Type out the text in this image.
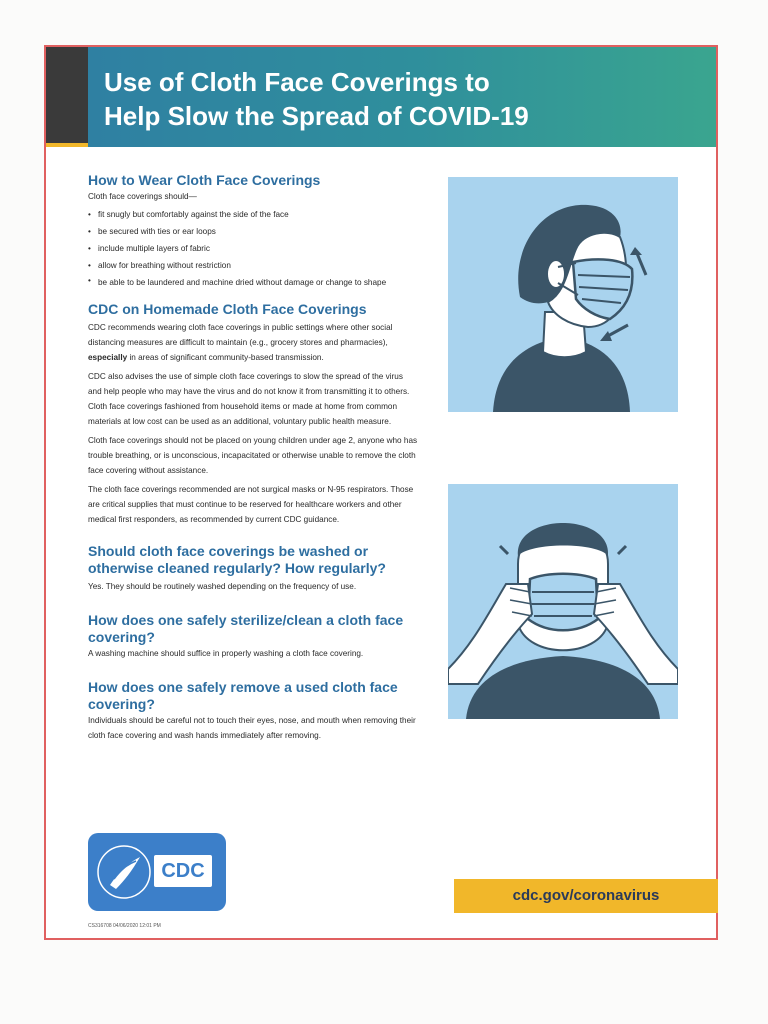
Use of Cloth Face Coverings to
Help Slow the Spread of COVID-19
How to Wear Cloth Face Coverings

Cloth face coverings should—

• fit snugly but comfortably against the side of the face
• be secured with ties or ear loops
• include multiple layers of fabric
• allow for breathing without restriction
• be able to be laundered and machine dried without damage or change to shape
CDC on Homemade Cloth Face Coverings

CDC recommends wearing cloth face coverings in public settings where other social distancing measures are difficult to maintain (e.g., grocery stores and pharmacies), especially in areas of significant community-based transmission.

CDC also advises the use of simple cloth face coverings to slow the spread of the virus and help people who may have the virus and do not know it from transmitting it to others. Cloth face coverings fashioned from household items or made at home from common materials at low cost can be used as an additional, voluntary public health measure.

Cloth face coverings should not be placed on young children under age 2, anyone who has trouble breathing, or is unconscious, incapacitated or otherwise unable to remove the cloth face covering without assistance.

The cloth face coverings recommended are not surgical masks or N-95 respirators. Those are critical supplies that must continue to be reserved for healthcare workers and other medical first responders, as recommended by current CDC guidance.

Should cloth face coverings be washed or otherwise cleaned regularly? How regularly?

Yes. They should be routinely washed depending on the frequency of use.

How does one safely sterilize/clean a cloth face covering?

A washing machine should suffice in properly washing a cloth face covering.

How does one safely remove a used cloth face covering?

Individuals should be careful not to touch their eyes, nose, and mouth when removing their cloth face covering and wash hands immediately after removing.

CDC
CS316708 04/06/2020 12:01 PM
cdc.gov/coronavirus
